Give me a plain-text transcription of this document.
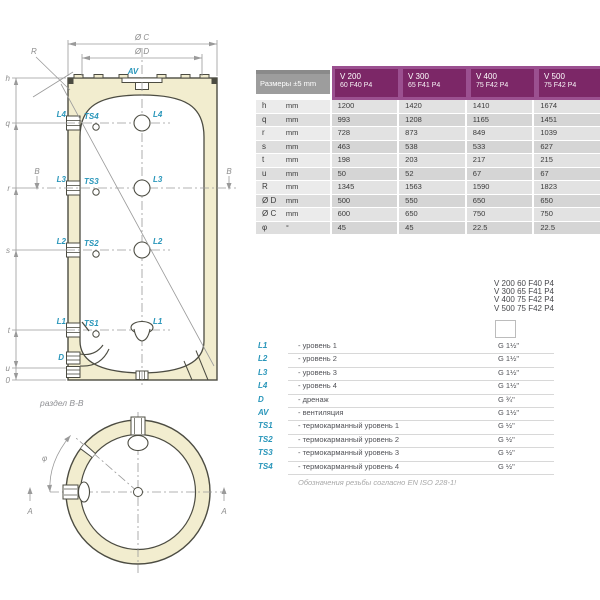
h
q
r
s
t
u
0
R
Ø C
Ø D
B	B
φ
A	A
раздел B-B
AV
L4
L3
L2
L1
D
TS4
TS3
TS2
TS1
L4
L3
L2
L1
Размеры ±5 mm
V 200
60 F40 P4
V 300
65 F41 P4
V 400
75 F42 P4
V 500
75 F42 P4
h	mm	1200	1420	1410	1674
q	mm	993	1208	1165	1451
r	mm	728	873	849	1039
s	mm	463	538	533	627
t	mm	198	203	217	215
u	mm	50	52	67	67
R	mm	1345	1563	1590	1823
Ø D	mm	500	550	650	650
Ø C	mm	600	650	750	750
φ	°	45	45	22.5	22.5
V 200 60 F40 P4
V 300 65 F41 P4
V 400 75 F42 P4
V 500 75 F42 P4
L1	- уровень 1	G 1½"
L2	- уровень 2	G 1½"
L3	- уровень 3	G 1½"
L4	- уровень 4	G 1½"
D	- дренаж	G ¾"
AV	- вентиляция	G 1½"
TS1	- термокарманный уровень 1	G ½"
TS2	- термокарманный уровень 2	G ½"
TS3	- термокарманный уровень 3	G ½"
TS4	- термокарманный уровень 4	G ½"
Обозначения резьбы согласно EN ISO 228-1!
